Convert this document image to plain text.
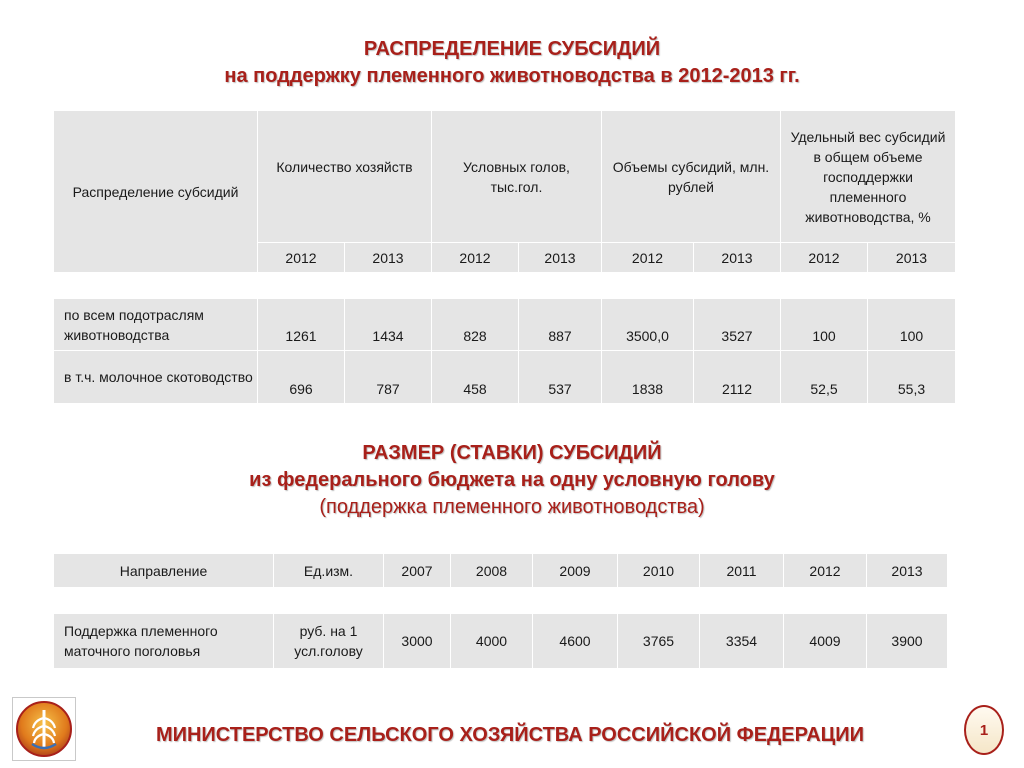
РАСПРЕДЕЛЕНИЕ СУБСИДИЙ
на поддержку племенного животноводства в 2012-2013 гг.
Распределение субсидий	Количество хозяйств		Условных голов, тыс.гол.		Объемы субсидий, млн. рублей		Удельный вес субсидий в общем объеме господдержки племенного животноводства, %	
	2012	2013	2012	2013	2012	2013	2012	2013
по всем подотраслям животноводства	1261	1434	828	887	3500,0	3527	100	100
в т.ч. молочное скотоводство	696	787	458	537	1838	2112	52,5	55,3
РАЗМЕР (СТАВКИ) СУБСИДИЙ
из федерального бюджета на одну условную голову
(поддержка племенного животноводства)
Направление	Ед.изм.	2007	2008	2009	2010	2011	2012	2013
Поддержка племенного маточного поголовья	руб. на 1 усл.голову	3000	4000	4600	3765	3354	4009	3900
МИНИСТЕРСТВО СЕЛЬСКОГО ХОЗЯЙСТВА РОССИЙСКОЙ ФЕДЕРАЦИИ	1
